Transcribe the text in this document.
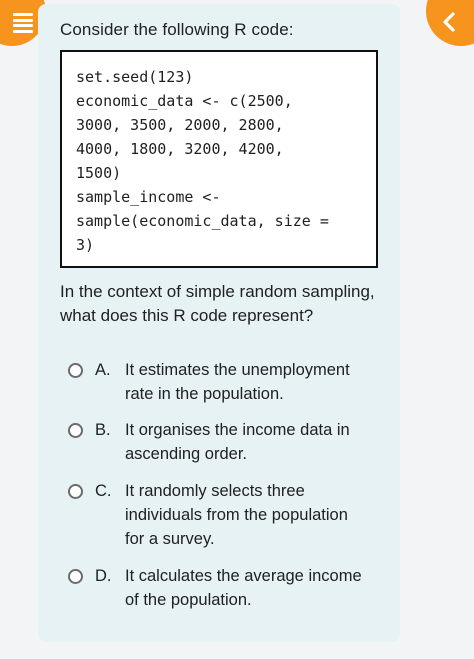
Consider the following R code:
set.seed(123)
economic_data <- c(2500,
3000, 3500, 2000, 2800,
4000, 1800, 3200, 4200,
1500)
sample_income <-
sample(economic_data, size =
3)
In the context of simple random sampling,
what does this R code represent?
A. It estimates the unemployment
rate in the population.
B. It organises the income data in
ascending order.
C. It randomly selects three
individuals from the population
for a survey.
D. It calculates the average income
of the population.
